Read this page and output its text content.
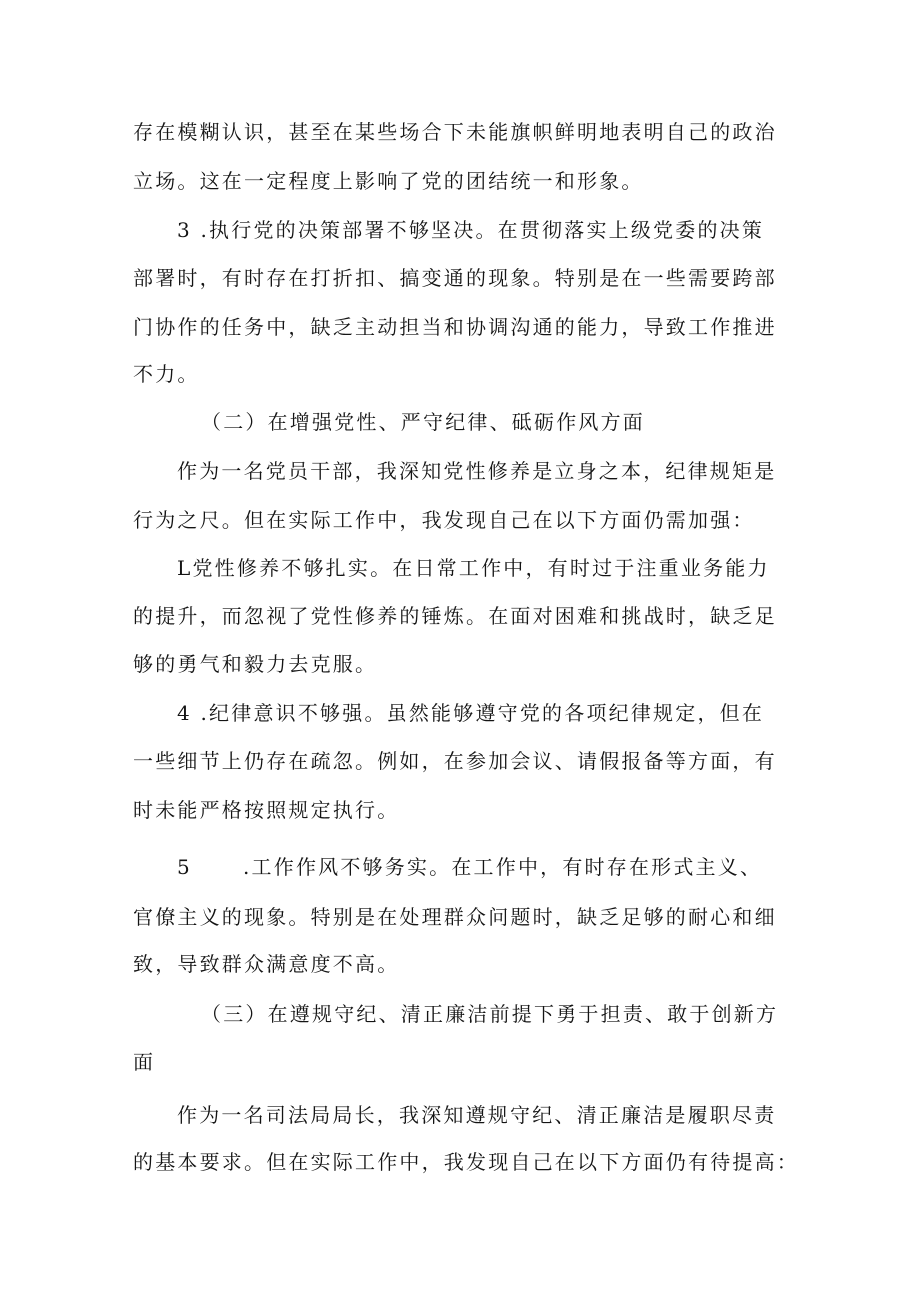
存在模糊认识，甚至在某些场合下未能旗帜鲜明地表明自己的政治
立场。这在一定程度上影响了党的团结统一和形象。
3 .执行党的决策部署不够坚决。在贯彻落实上级党委的决策
部署时，有时存在打折扣、搞变通的现象。特别是在一些需要跨部
门协作的任务中，缺乏主动担当和协调沟通的能力，导致工作推进
不力。
（二）在增强党性、严守纪律、砥砺作风方面
作为一名党员干部，我深知党性修养是立身之本，纪律规矩是
行为之尺。但在实际工作中，我发现自己在以下方面仍需加强：
L党性修养不够扎实。在日常工作中，有时过于注重业务能力
的提升，而忽视了党性修养的锤炼。在面对困难和挑战时，缺乏足
够的勇气和毅力去克服。
4 .纪律意识不够强。虽然能够遵守党的各项纪律规定，但在
一些细节上仍存在疏忽。例如，在参加会议、请假报备等方面，有
时未能严格按照规定执行。
5	.工作作风不够务实。在工作中，有时存在形式主义、
官僚主义的现象。特别是在处理群众问题时，缺乏足够的耐心和细
致，导致群众满意度不高。
（三）在遵规守纪、清正廉洁前提下勇于担责、敢于创新方
面
作为一名司法局局长，我深知遵规守纪、清正廉洁是履职尽责
的基本要求。但在实际工作中，我发现自己在以下方面仍有待提高：
